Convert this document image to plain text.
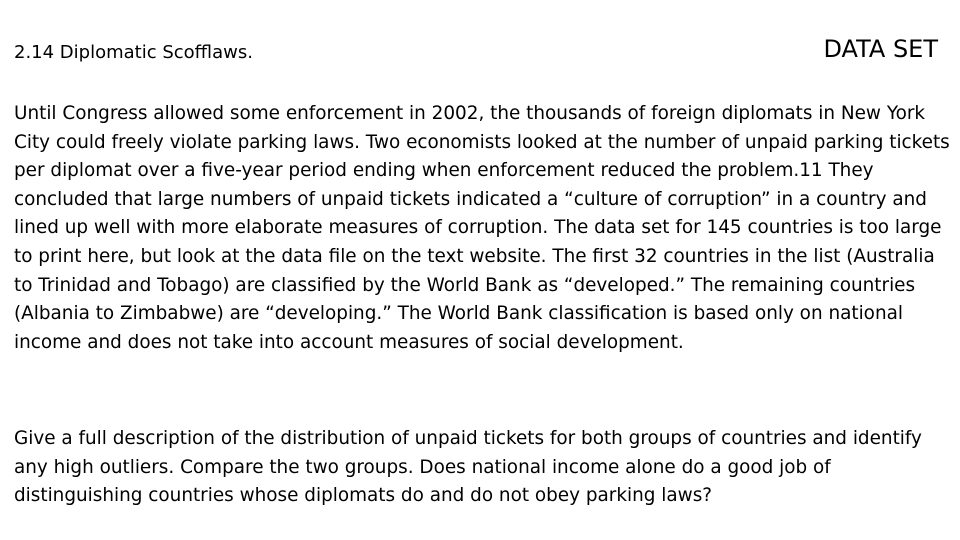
2.14 Diplomatic Scofflaws.	DATA SET

Until Congress allowed some enforcement in 2002, the thousands of foreign diplomats in New York City could freely violate parking laws. Two economists looked at the number of unpaid parking tickets per diplomat over a five-year period ending when enforcement reduced the problem.11 They concluded that large numbers of unpaid tickets indicated a “culture of corruption” in a country and lined up well with more elaborate measures of corruption. The data set for 145 countries is too large to print here, but look at the data file on the text website. The first 32 countries in the list (Australia to Trinidad and Tobago) are classified by the World Bank as “developed.” The remaining countries (Albania to Zimbabwe) are “developing.” The World Bank classification is based only on national income and does not take into account measures of social development.

Give a full description of the distribution of unpaid tickets for both groups of countries and identify any high outliers. Compare the two groups. Does national income alone do a good job of distinguishing countries whose diplomats do and do not obey parking laws?
